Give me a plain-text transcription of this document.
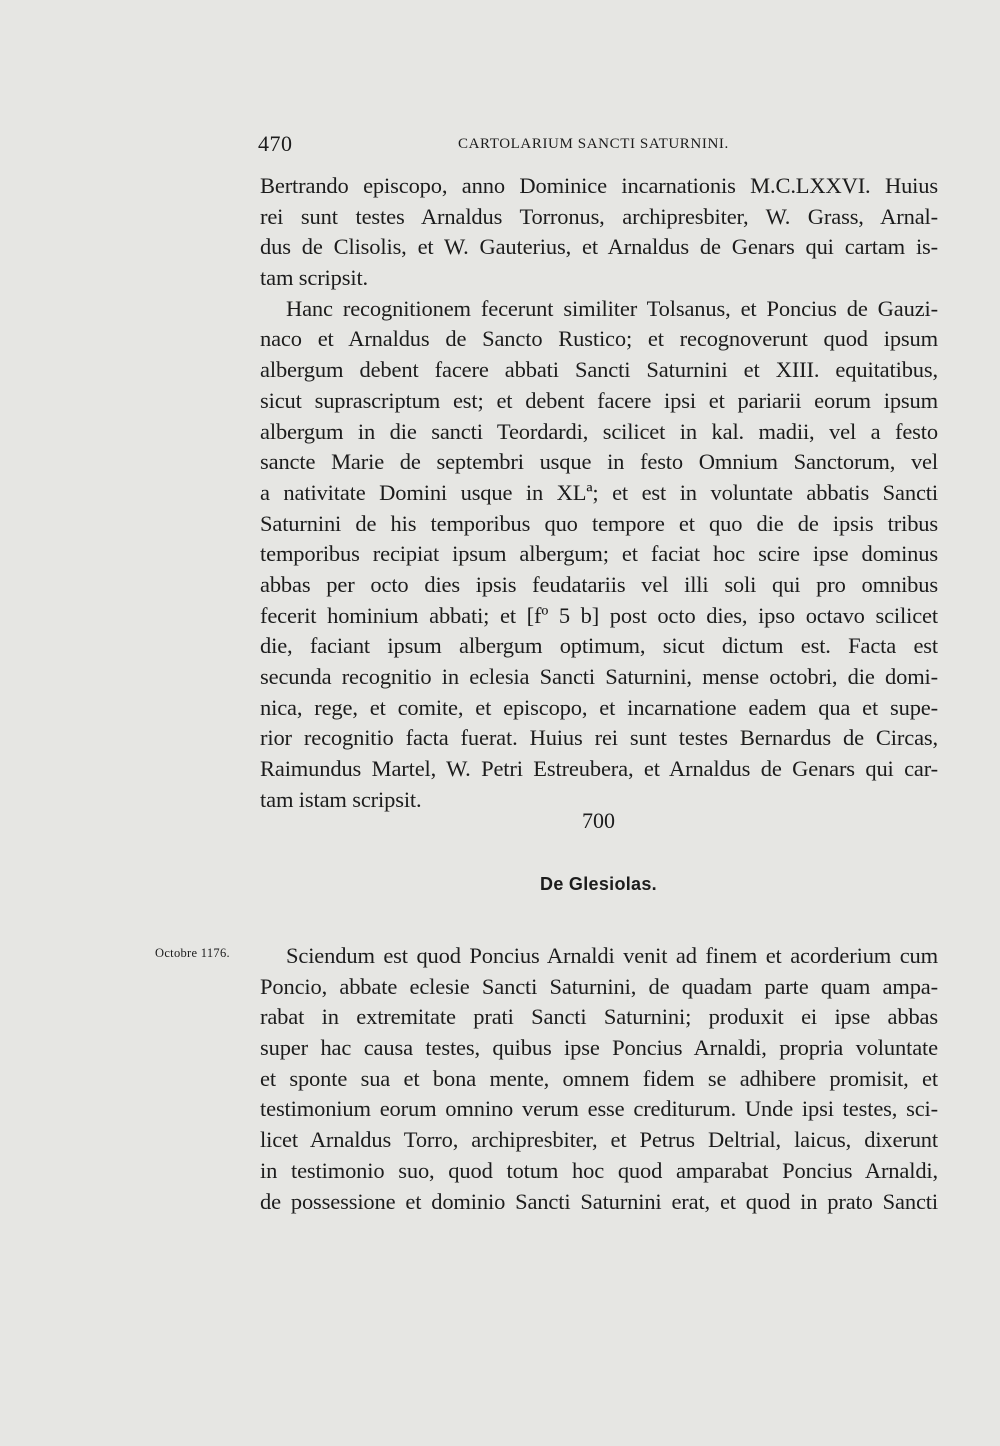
470	CARTOLARIUM SANCTI SATURNINI.
Bertrando episcopo, anno Dominice incarnationis M.C.LXXVI. Huius
rei sunt testes Arnaldus Torronus, archipresbiter, W. Grass, Arnal-
dus de Clisolis, et W. Gauterius, et Arnaldus de Genars qui cartam is-
tam scripsit.
Hanc recognitionem fecerunt similiter Tolsanus, et Poncius de Gauzi-
naco et Arnaldus de Sancto Rustico; et recognoverunt quod ipsum
albergum debent facere abbati Sancti Saturnini et XIII. equitatibus,
sicut suprascriptum est; et debent facere ipsi et pariarii eorum ipsum
albergum in die sancti Teordardi, scilicet in kal. madii, vel a festo
sancte Marie de septembri usque in festo Omnium Sanctorum, vel
a nativitate Domini usque in XLª; et est in voluntate abbatis Sancti
Saturnini de his temporibus quo tempore et quo die de ipsis tribus
temporibus recipiat ipsum albergum; et faciat hoc scire ipse dominus
abbas per octo dies ipsis feudatariis vel illi soli qui pro omnibus
fecerit hominium abbati; et [fº 5 b] post octo dies, ipso octavo scilicet
die, faciant ipsum albergum optimum, sicut dictum est. Facta est
secunda recognitio in eclesia Sancti Saturnini, mense octobri, die domi-
nica, rege, et comite, et episcopo, et incarnatione eadem qua et supe-
rior recognitio facta fuerat. Huius rei sunt testes Bernardus de Circas,
Raimundus Martel, W. Petri Estreubera, et Arnaldus de Genars qui car-
tam istam scripsit.
700
De Glesiolas.
Octobre 1176.	Sciendum est quod Poncius Arnaldi venit ad finem et acorderium cum
Poncio, abbate eclesie Sancti Saturnini, de quadam parte quam ampa-
rabat in extremitate prati Sancti Saturnini; produxit ei ipse abbas
super hac causa testes, quibus ipse Poncius Arnaldi, propria voluntate
et sponte sua et bona mente, omnem fidem se adhibere promisit, et
testimonium eorum omnino verum esse crediturum. Unde ipsi testes, sci-
licet Arnaldus Torro, archipresbiter, et Petrus Deltrial, laicus, dixerunt
in testimonio suo, quod totum hoc quod amparabat Poncius Arnaldi,
de possessione et dominio Sancti Saturnini erat, et quod in prato Sancti
